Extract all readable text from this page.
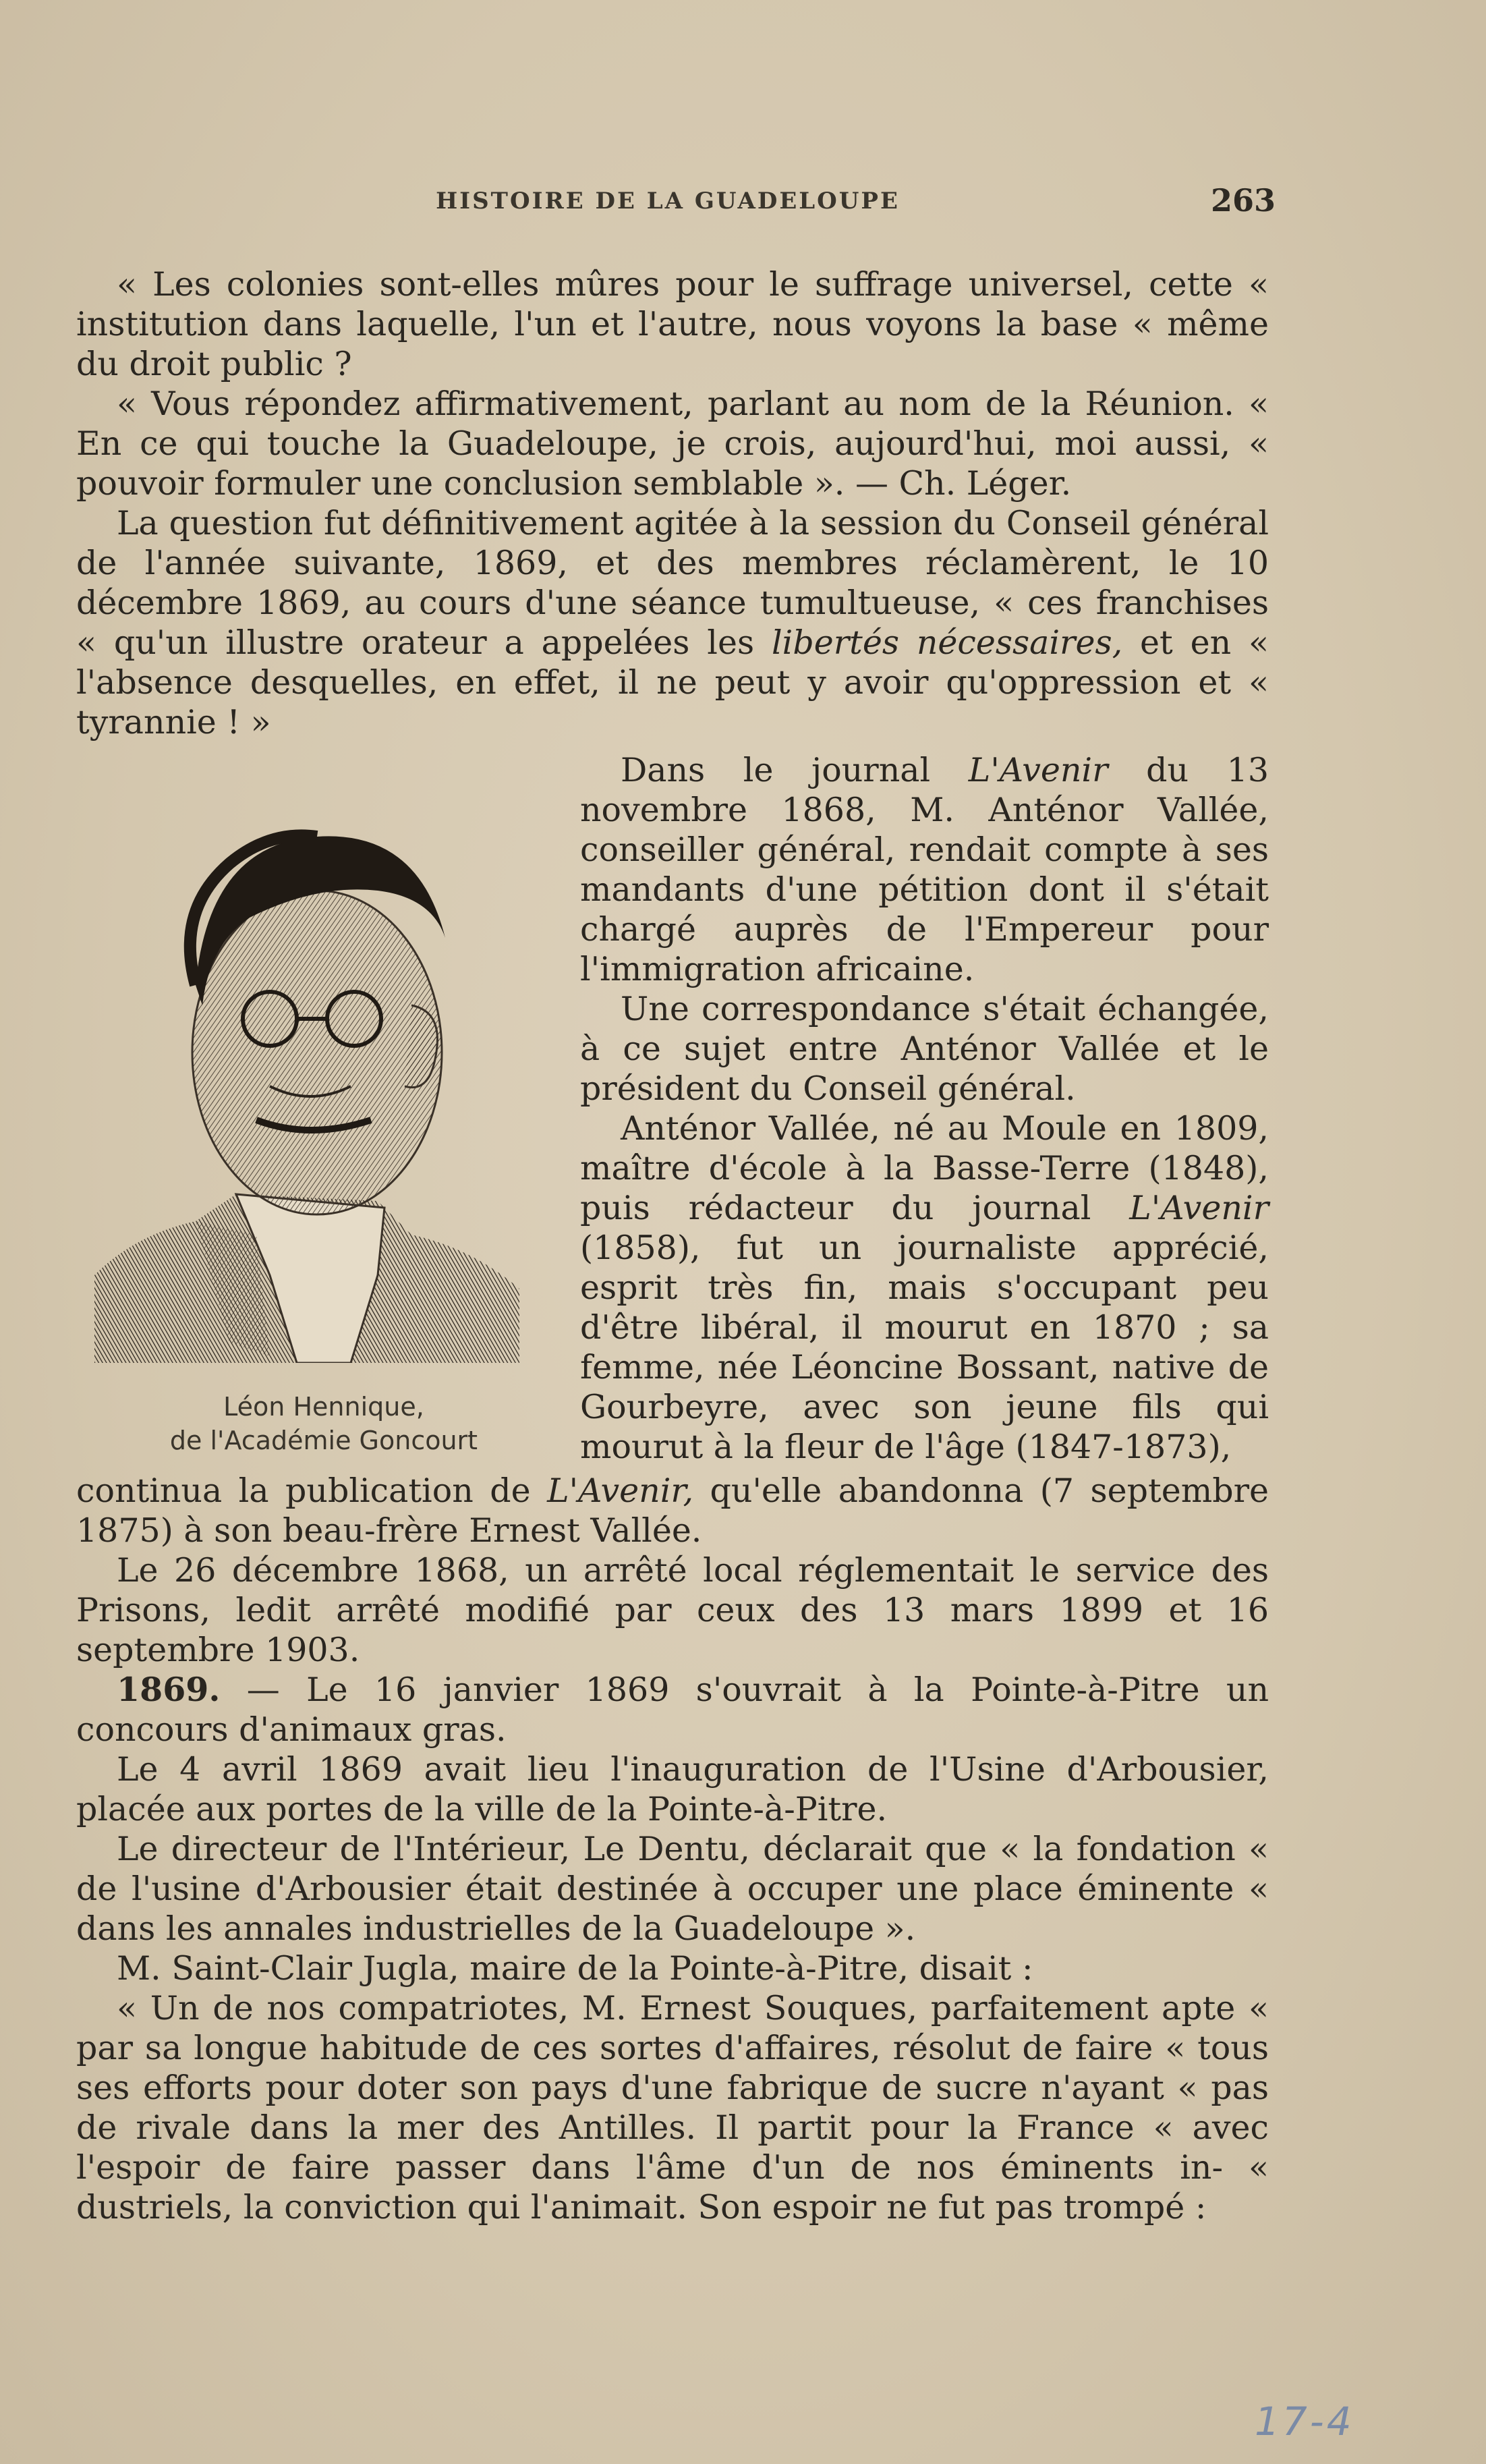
HISTOIRE DE LA GUADELOUPE	263

« Les colonies sont-elles mûres pour le suffrage universel, cette « institution dans laquelle, l'un et l'autre, nous voyons la base « même du droit public ?

« Vous répondez affirmativement, parlant au nom de la Réunion. « En ce qui touche la Guadeloupe, je crois, aujourd'hui, moi aussi, « pouvoir formuler une conclusion semblable ». — Ch. Léger.

La question fut définitivement agitée à la session du Conseil général de l'année suivante, 1869, et des membres réclamèrent, le 10 décembre 1869, au cours d'une séance tumultueuse, « ces franchises « qu'un illustre orateur a appelées les libertés nécessaires, et en « l'absence desquelles, en effet, il ne peut y avoir qu'oppression et « tyrannie ! »

Dans le journal L'Avenir du 13 novembre 1868, M. Anténor Vallée, conseiller général, rendait compte à ses mandants d'une pétition dont il s'était chargé auprès de l'Empereur pour l'immigration africaine.

Une correspondance s'était échangée, à ce sujet entre Anténor Vallée et le président du Conseil général.

Anténor Vallée, né au Moule en 1809, maître d'école à la Basse-Terre (1848), puis rédacteur du journal L'Avenir (1858), fut un journaliste apprécié, esprit très fin, mais s'occupant peu d'être libéral, il mourut en 1870 ; sa femme, née Léoncine Bossant, native de Gourbeyre, avec son jeune fils qui mourut à la fleur de l'âge (1847-1873),

Léon Hennique,
de l'Académie Goncourt

continua la publication de L'Avenir, qu'elle abandonna (7 septembre 1875) à son beau-frère Ernest Vallée.

Le 26 décembre 1868, un arrêté local réglementait le service des Prisons, ledit arrêté modifié par ceux des 13 mars 1899 et 16 septembre 1903.

1869. — Le 16 janvier 1869 s'ouvrait à la Pointe-à-Pitre un concours d'animaux gras.

Le 4 avril 1869 avait lieu l'inauguration de l'Usine d'Arbousier, placée aux portes de la ville de la Pointe-à-Pitre.

Le directeur de l'Intérieur, Le Dentu, déclarait que « la fondation « de l'usine d'Arbousier était destinée à occuper une place éminente « dans les annales industrielles de la Guadeloupe ».

M. Saint-Clair Jugla, maire de la Pointe-à-Pitre, disait :

« Un de nos compatriotes, M. Ernest Souques, parfaitement apte « par sa longue habitude de ces sortes d'affaires, résolut de faire « tous ses efforts pour doter son pays d'une fabrique de sucre n'ayant « pas de rivale dans la mer des Antilles. Il partit pour la France « avec l'espoir de faire passer dans l'âme d'un de nos éminents in- « dustriels, la conviction qui l'animait. Son espoir ne fut pas trompé :

17-4
